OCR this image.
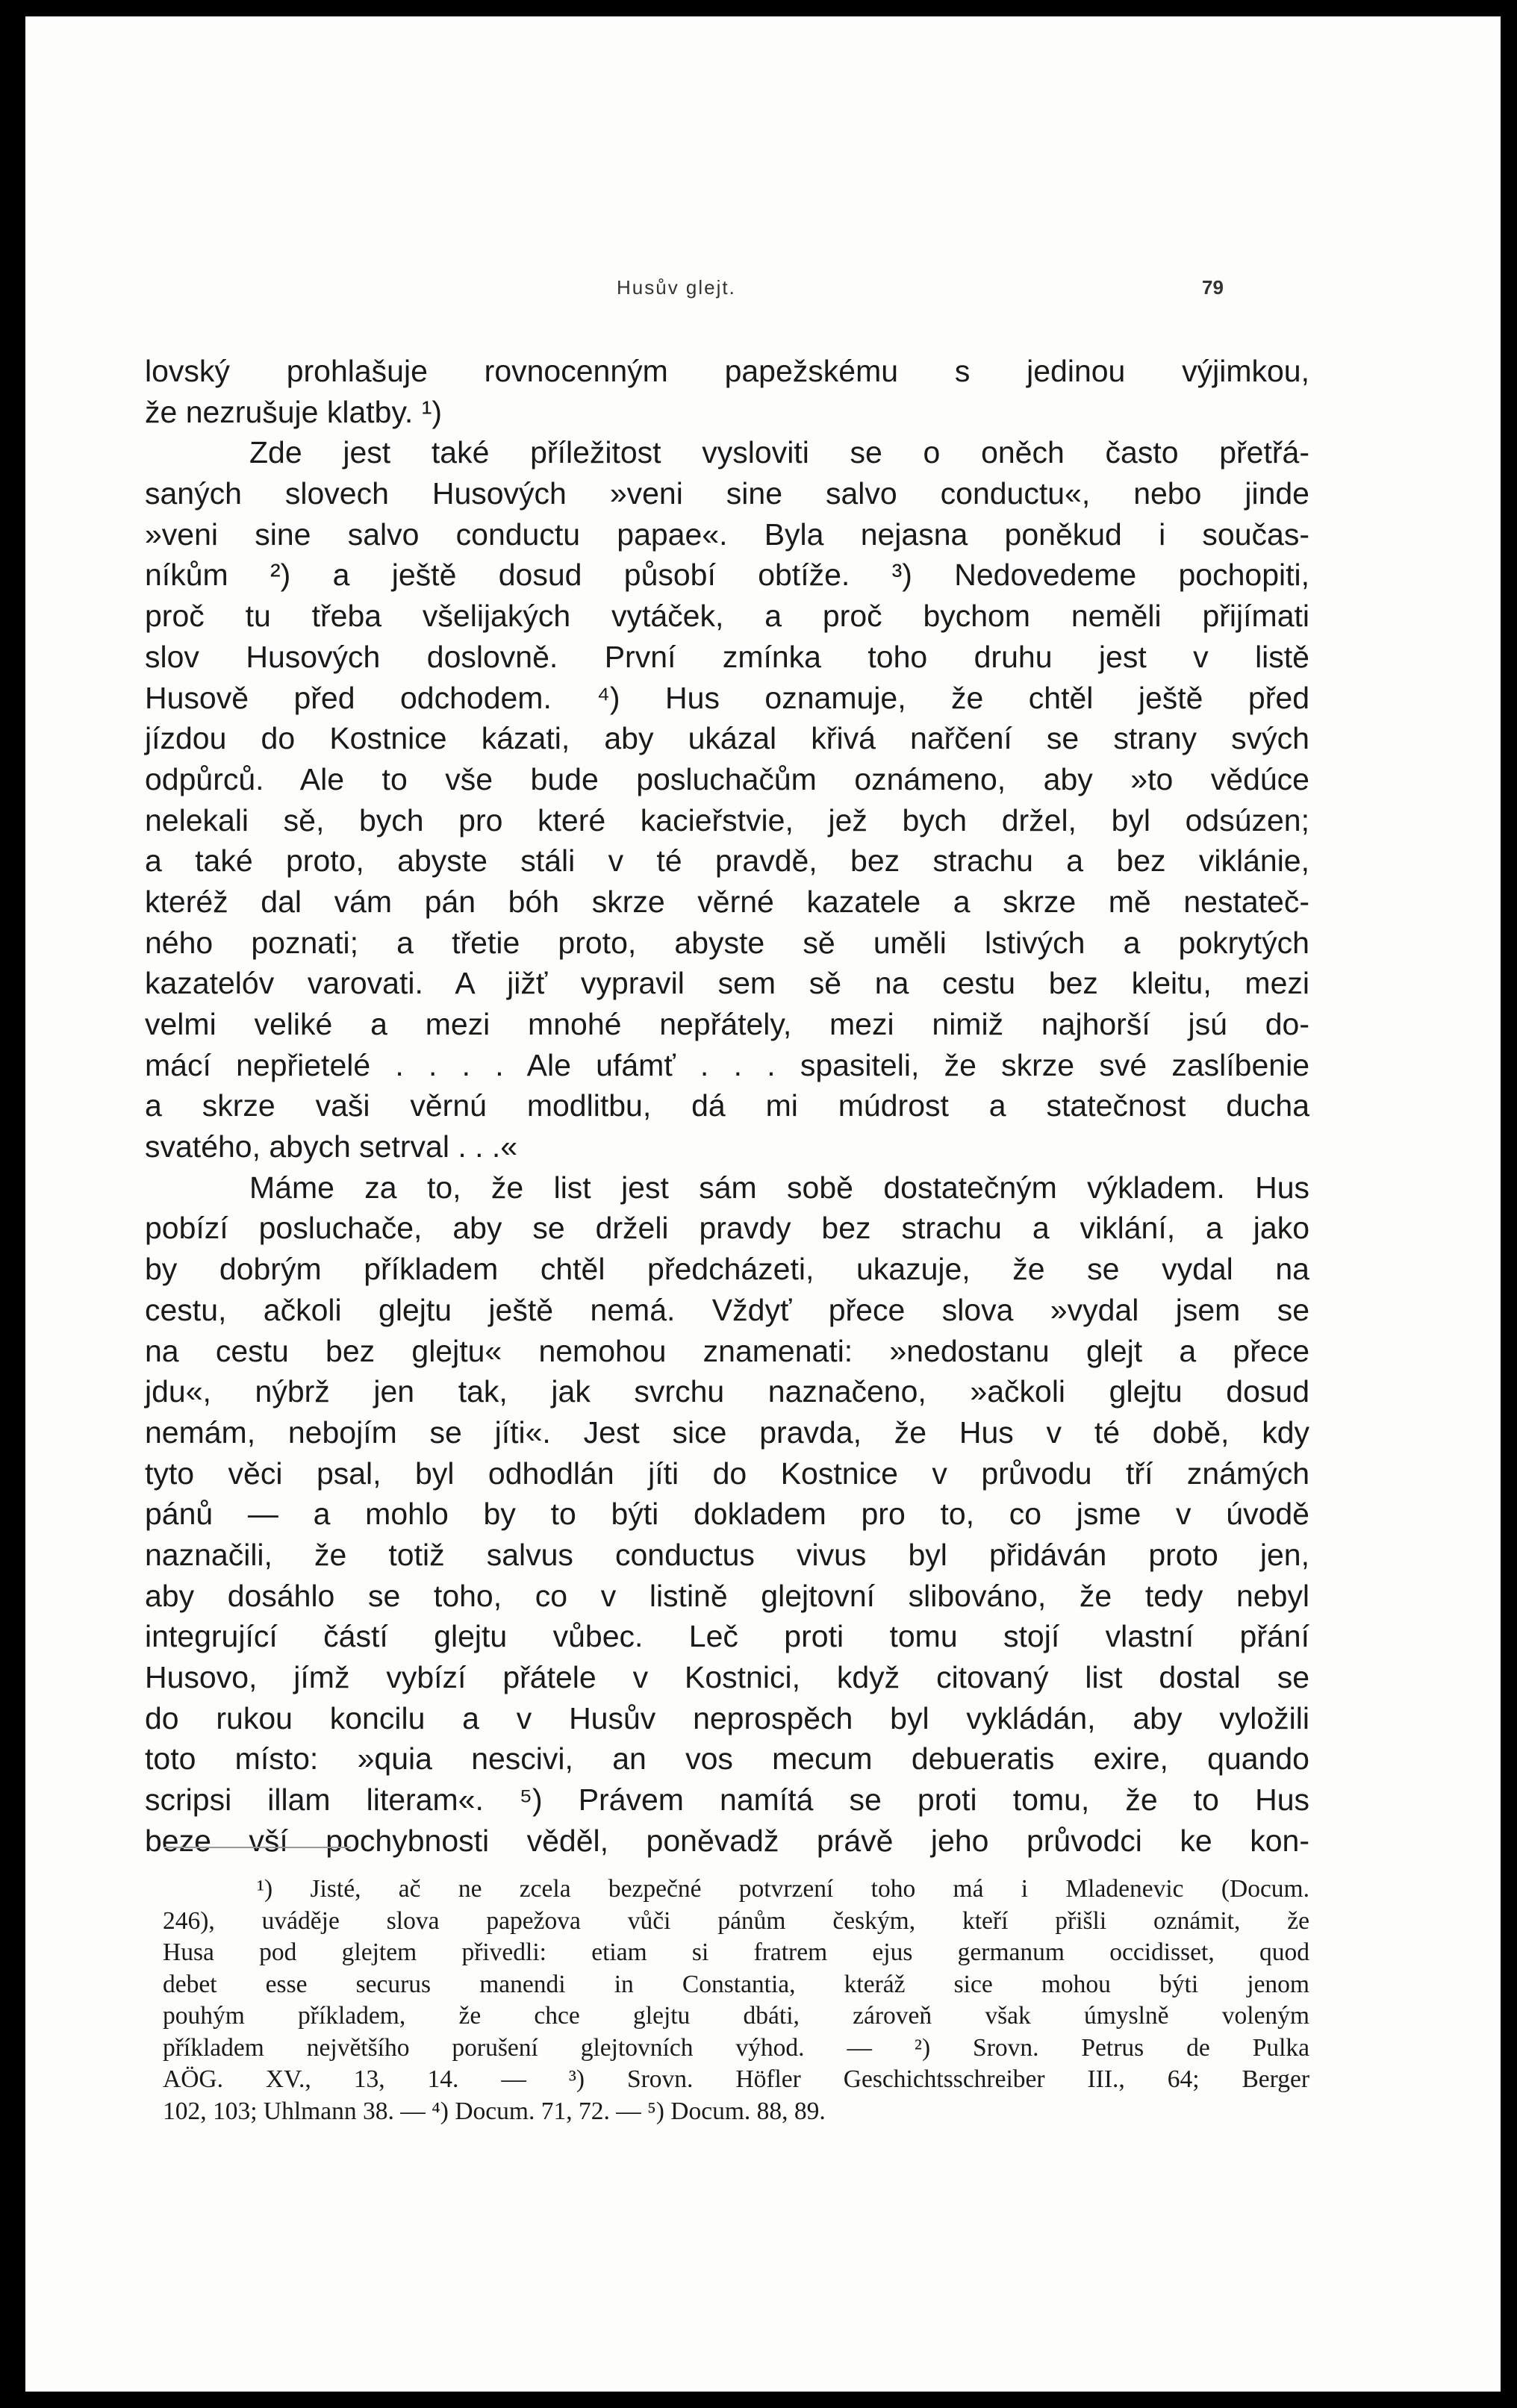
Husův glejt.	79
lovský prohlašuje rovnocenným papežskému s jedinou výjimkou,
že nezrušuje klatby. ¹)
Zde jest také příležitost vysloviti se o oněch často přetřá-
saných slovech Husových »veni sine salvo conductu«, nebo jinde
»veni sine salvo conductu papae«. Byla nejasna poněkud i součas-
níkům ²) a ještě dosud působí obtíže. ³) Nedovedeme pochopiti,
proč tu třeba všelijakých vytáček, a proč bychom neměli přijímati
slov Husových doslovně. První zmínka toho druhu jest v listě
Husově před odchodem. ⁴) Hus oznamuje, že chtěl ještě před
jízdou do Kostnice kázati, aby ukázal křivá nařčení se strany svých
odpůrců. Ale to vše bude posluchačům oznámeno, aby »to vědúce
nelekali sě, bych pro které kacieřstvie, jež bych držel, byl odsúzen;
a také proto, abyste stáli v té pravdě, bez strachu a bez viklánie,
kteréž dal vám pán bóh skrze věrné kazatele a skrze mě nestateč-
ného poznati; a třetie proto, abyste sě uměli lstivých a pokrytých
kazatelóv varovati. A jižť vypravil sem sě na cestu bez kleitu, mezi
velmi veliké a mezi mnohé nepřátely, mezi nimiž najhorší jsú do-
mácí nepřietelé . . . . Ale ufámť . . . spasiteli, že skrze své zaslíbenie
a skrze vaši věrnú modlitbu, dá mi múdrost a statečnost ducha
svatého, abych setrval . . .«
Máme za to, že list jest sám sobě dostatečným výkladem. Hus
pobízí posluchače, aby se drželi pravdy bez strachu a viklání, a jako
by dobrým příkladem chtěl předcházeti, ukazuje, že se vydal na
cestu, ačkoli glejtu ještě nemá. Vždyť přece slova »vydal jsem se
na cestu bez glejtu« nemohou znamenati: »nedostanu glejt a přece
jdu«, nýbrž jen tak, jak svrchu naznačeno, »ačkoli glejtu dosud
nemám, nebojím se jíti«. Jest sice pravda, že Hus v té době, kdy
tyto věci psal, byl odhodlán jíti do Kostnice v průvodu tří známých
pánů — a mohlo by to býti dokladem pro to, co jsme v úvodě
naznačili, že totiž salvus conductus vivus byl přidáván proto jen,
aby dosáhlo se toho, co v listině glejtovní slibováno, že tedy nebyl
integrující částí glejtu vůbec. Leč proti tomu stojí vlastní přání
Husovo, jímž vybízí přátele v Kostnici, když citovaný list dostal se
do rukou koncilu a v Husův neprospěch byl vykládán, aby vyložili
toto místo: »quia nescivi, an vos mecum debueratis exire, quando
scripsi illam literam«. ⁵) Právem namítá se proti tomu, že to Hus
beze vší pochybnosti věděl, poněvadž právě jeho průvodci ke kon-
¹) Jisté, ač ne zcela bezpečné potvrzení toho má i Mladenevic (Docum.
246), uváděje slova papežova vůči pánům českým, kteří přišli oznámit, že
Husa pod glejtem přivedli: etiam si fratrem ejus germanum occidisset, quod
debet esse securus manendi in Constantia, kteráž sice mohou býti jenom
pouhým příkladem, že chce glejtu dbáti, zároveň však úmyslně voleným
příkladem největšího porušení glejtovních výhod. — ²) Srovn. Petrus de Pulka
AÖG. XV., 13, 14. — ³) Srovn. Höfler Geschichtsschreiber III., 64; Berger
102, 103; Uhlmann 38. — ⁴) Docum. 71, 72. — ⁵) Docum. 88, 89.
